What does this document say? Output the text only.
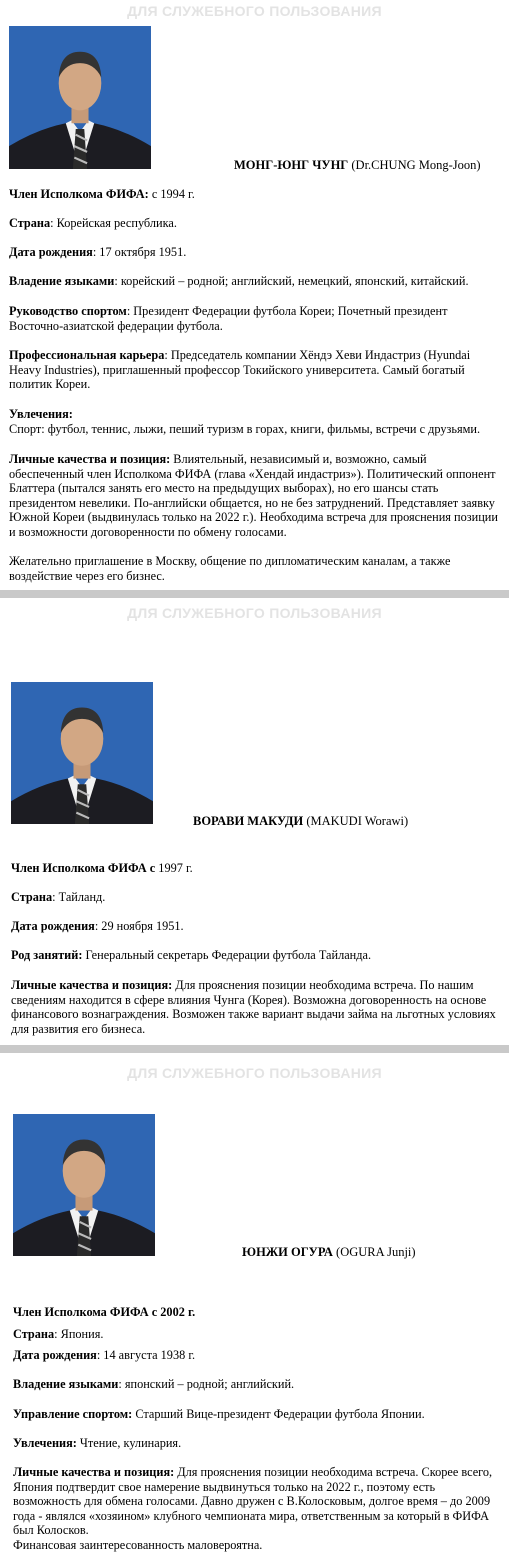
ДЛЯ СЛУЖЕБНОГО ПОЛЬЗОВАНИЯ
МОНГ-ЮНГ ЧУНГ (Dr.CHUNG Mong-Joon)

Член Исполкома ФИФА: с 1994 г.

Страна: Корейская республика.

Дата рождения: 17 октября 1951.

Владение языками: корейский – родной; английский, немецкий, японский, китайский.

Руководство спортом: Президент Федерации футбола Кореи; Почетный президент Восточно-азиатской федерации футбола.

Профессиональная карьера: Председатель компании Хёндэ Хеви Индастриз (Hyundai Heavy Industries), приглашенный профессор Токийского университета. Самый богатый политик Кореи.

Увлечения:
Спорт: футбол, теннис, лыжи, пеший туризм в горах, книги, фильмы, встречи с друзьями.

Личные качества и позиция: Влиятельный, независимый и, возможно, самый обеспеченный член Исполкома ФИФА (глава «Хендай индастриз»). Политический оппонент Блаттера (пытался занять его место на предыдущих выборах), но его шансы стать президентом невелики. По-английски общается, но не без затруднений. Представляет заявку Южной Кореи (выдвинулась только на 2022 г.). Необходима встреча для прояснения позиции и возможности договоренности по обмену голосами.

Желательно приглашение в Москву, общение по дипломатическим каналам, а также воздействие через его бизнес.

ДЛЯ СЛУЖЕБНОГО ПОЛЬЗОВАНИЯ
ВОРАВИ МАКУДИ (MAKUDI Worawi)

Член Исполкома ФИФА с 1997 г.

Страна: Тайланд.

Дата рождения: 29 ноября 1951.

Род занятий: Генеральный секретарь Федерации футбола Тайланда.

Личные качества и позиция: Для прояснения позиции необходима встреча. По нашим сведениям находится в сфере влияния Чунга (Корея). Возможна договоренность на основе финансового вознаграждения. Возможен также вариант выдачи займа на льготных условиях для развития его бизнеса.

ДЛЯ СЛУЖЕБНОГО ПОЛЬЗОВАНИЯ
ЮНЖИ ОГУРА (OGURA Junji)

Член Исполкома ФИФА с 2002 г.

Страна: Япония.

Дата рождения: 14 августа 1938 г.

Владение языками: японский – родной; английский.

Управление спортом: Старший Вице-президент Федерации футбола Японии.

Увлечения: Чтение, кулинария.

Личные качества и позиция: Для прояснения позиции необходима встреча. Скорее всего, Япония подтвердит свое намерение выдвинуться только на 2022 г., поэтому есть возможность для обмена голосами. Давно дружен с В.Колосковым, долгое время – до 2009 года - являлся «хозяином» клубного чемпионата мира, ответственным за который в ФИФА был Колосков.

Финансовая заинтересованность маловероятна.
